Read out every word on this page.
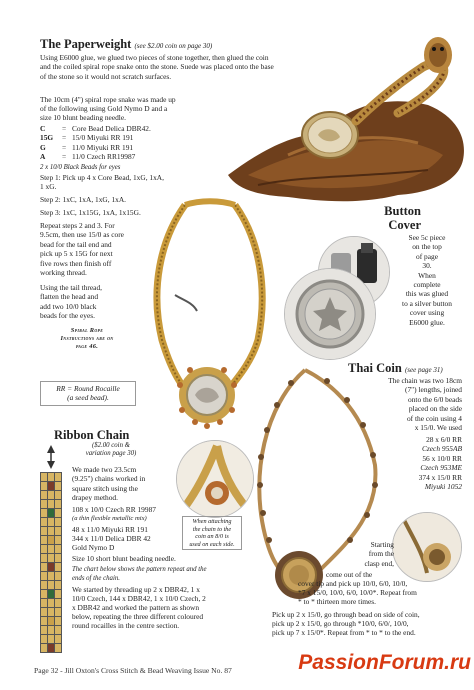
The Paperweight (see $2.00 coin on page 30)
Using E6000 glue, we glued two pieces of stone together, then glued the coin and the coiled spiral rope snake onto the stone. Suede was placed onto the base of the stone so it would not scratch surfaces.
The 10cm (4") spiral rope snake was made up
of the following using Gold Nymo D and a
size 10 blunt beading needle.
C = Core Bead Delica DBR42.
15G = 15/0 Miyuki RR 191
G = 11/0 Miyuki RR 191
A = 11/0 Czech RR19987
2 x 10/0 Black Beads for eyes
Step 1: Pick up 4 x Core Bead, 1xG, 1xA,
1 xG.
Step 2: 1xC, 1xA, 1xG, 1xA.
Step 3: 1xC, 1x15G, 1xA, 1x15G.
Repeat steps 2 and 3. For
9.5cm, then use 15/0 as core
bead for the tail end and
pick up 5 x 15G for next
five rows then finish off
working thread.
Using the tail thread,
flatten the head and
add two 10/0 black
beads for the eyes.
Spiral Rope
Instructions are on
page 46.
RR = Round Rocaille
(a seed bead).
Button
Cover
See 5c piece
on the top
of page
30.
When
complete
this was glued
to a silver button
cover using
E6000 glue.
Thai Coin (see page 31)
The chain was two 18cm
(7") lengths, joined
onto the 6/0 beads
placed on the side
of the coin using 4
x 15/0. We used
28 x 6/0 RR
Czech 955AB
56 x 10/0 RR
Czech 953ME
374 x 15/0 RR
Miyuki 1052
Starting
from the
clasp end,
come out of the
cover tip and pick up 10/0, 6/0, 10/0,
*7 x 15/0, 10/0, 6/0, 10/0*. Repeat from
* to * thirteen more times.
Pick up 2 x 15/0, go through bead on side of coin,
pick up 2 x 15/0, go through *10/0, 6/0/, 10/0,
pick up 7 x 15/0*. Repeat from * to * to the end.
Ribbon Chain
($2.00 coin &
variation page 30)
We made two 23.5cm
(9.25") chains worked in
square stitch using the
drapey method.
108 x 10/0 Czech RR 19987
(a thin flexible metallic mix)
48 x 11/0 Miyuki RR 191
344 x 11/0 Delica DBR 42
Gold Nymo D
Size 10 short blunt beading needle.
The chart below shows the pattern repeat and the
ends of the chain.
We started by threading up 2 x DBR42, 1 x
10/0 Czech, 144 x DBR42, 1 x 10/0 Czech, 2
x DBR42 and worked the pattern as shown
below, repeating the three different coloured
round rocailles in the centre section.
When attaching
the chain to the
coin an 8/0 is
used on each side.
Page 32 - Jill Oxton's Cross Stitch & Bead Weaving Issue No. 87	PassionForum.ru
